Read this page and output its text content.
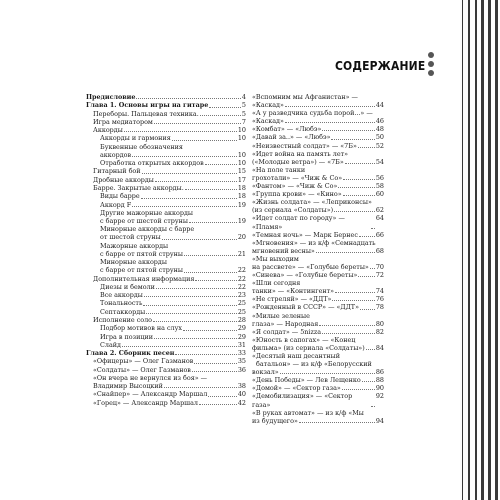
СОДЕРЖАНИЕ
Предисловие	4
Глава 1. Основы игры на гитаре	5
Переборы. Пальцевая техника.	5
Игра медиатором	7
Аккорды	10
Аккорды и гармония	10
Буквенные обозначения
аккордов	10
Отработка открытых аккордов	10
Гитарный бой	15
Дробные аккорды	17
Барре. Закрытые аккорды.	18
Виды барре	18
Аккорд F	19
Другие мажорные аккорды
с барре от шестой струны	19
Минорные аккорды с барре
от шестой струны	20
Мажорные аккорды
с барре от пятой струны	21
Минорные аккорды
с барре от пятой струны	22
Дополнительная информация	22
Диезы и бемоли	22
Все аккорды	23
Тональность	25
Септаккорды	25
Исполнение соло	28
Подбор мотивов на слух	29
Игра в позиции	29
Слайд	31
Глава 2. Сборник песен	33
«Офицеры» — Олег Газманов	35
«Солдаты» — Олег Газманов	36
«Он вчера не вернулся из боя» —
Владимир Высоцкий	38
«Снайпер» — Александр Маршал	40
«Горец» — Александр Маршал	42
«Вспомним мы Афганистан» —
«Каскад»	44
«А у разведчика судьба порой...» —
«Каскад»	46
«Комбат» — «Любэ»	48
«Давай за..» — «Любэ»	50
«Неизвестный солдат» — «7Б»	52
«Идет война на память лет»
(«Молодые ветра») — «7Б»	54
«На поле танки
грохотали» — «Чиж & Со»	56
«Фантом» — «Чиж & Со»	58
«Группа крови» — «Кино»	60
«Жизнь солдата» — «Леприконсы»
(из сериала «Солдаты»)	62
«Идет солдат по городу» — «Пламя»
64
«Темная ночь» — Марк Бернес	66
«Мгновения» — из к/ф «Семнадцать
мгновений весны»	68
«Мы выходим
на рассвете» — «Голубые береты» 70
«Синева» — «Голубые береты»	72
«Шли сегодня
танки» — «Контингент»	74
«Не стреляй» — «ДДТ»	76
«Рожденный в СССР» — «ДДТ»	78
«Милые зеленые
глаза» — Народная	80
«Я солдат» — 5nizza	82
«Юность в сапогах» — «Конец
фильма» (из сериала «Солдаты») 84
«Десятый наш десантный
батальон» — из к/ф «Белорусский
вокзал»	86
«День Победы» — Лев Лещенко 88
«Домой» — «Сектор газа»	90
«Демобилизация» — «Сектор газа»
92
«В руках автомат» — из к/ф «Мы
из будущего»	94
